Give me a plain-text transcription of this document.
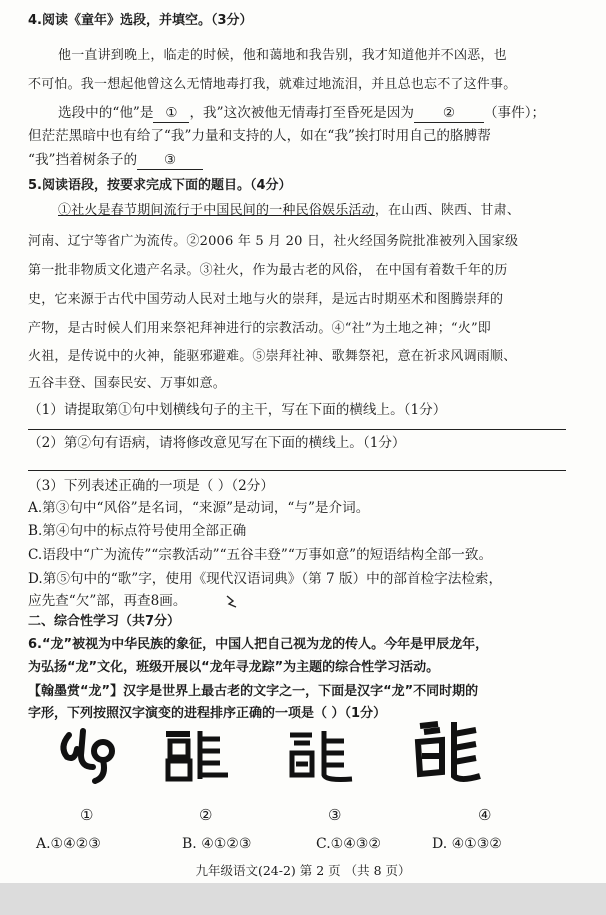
4.阅读《童年》选段，并填空。（3分）
他一直讲到晚上，临走的时候，他和蔼地和我告别，我才知道他并不凶恶，也
不可怕。我一想起他曾这么无情地毒打我，就难过地流泪，并且总也忘不了这件事。
选段中的“他”是 ① ，我”这次被他无情毒打至昏死是因为 ② （事件）；
但茫茫黑暗中也有给了“我”力量和支持的人，如在“我”挨打时用自己的胳膊帮
“我”挡着树条子的 ③
5.阅读语段，按要求完成下面的题目。（4分）
①社火是春节期间流行于中国民间的一种民俗娱乐活动，在山西、陕西、甘肃、
河南、辽宁等省广为流传。②2006 年 5 月 20 日，社火经国务院批准被列入国家级
第一批非物质文化遗产名录。③社火，作为最古老的风俗， 在中国有着数千年的历
史，它来源于古代中国劳动人民对土地与火的崇拜，是远古时期巫术和图腾崇拜的
产物，是古时候人们用来祭祀拜神进行的宗教活动。④“社”为土地之神；“火”即
火祖，是传说中的火神，能驱邪避难。⑤崇拜社神、歌舞祭祀，意在祈求风调雨顺、
五谷丰登、国泰民安、万事如意。
（1）请提取第①句中划横线句子的主干，写在下面的横线上。（1分）
（2）第②句有语病，请将修改意见写在下面的横线上。（1分）
（3）下列表述正确的一项是（ ）（2分）
A.第③句中“风俗”是名词，“来源”是动词，“与”是介词。
B.第④句中的标点符号使用全部正确
C.语段中“广为流传”“宗教活动”“五谷丰登”“万事如意”的短语结构全部一致。
D.第⑤句中的“歌”字，使用《现代汉语词典》（第 7 版）中的部首检字法检索，
应先查“欠”部，再查8画。
二、综合性学习（共7分）
6.“龙”被视为中华民族的象征，中国人把自己视为龙的传人。今年是甲辰龙年，
为弘扬“龙”文化，班级开展以“龙年寻龙踪”为主题的综合性学习活动。
【翰墨赏“龙”】汉字是世界上最古老的文字之一，下面是汉字“龙”不同时期的
字形，下列按照汉字演变的进程排序正确的一项是（ ）（1分）
①	②	③	④
A.①④②③	B. ④①②③	C.①④③②	D. ④①③②
九年级语文(24-2) 第 2 页 （共 8 页）
